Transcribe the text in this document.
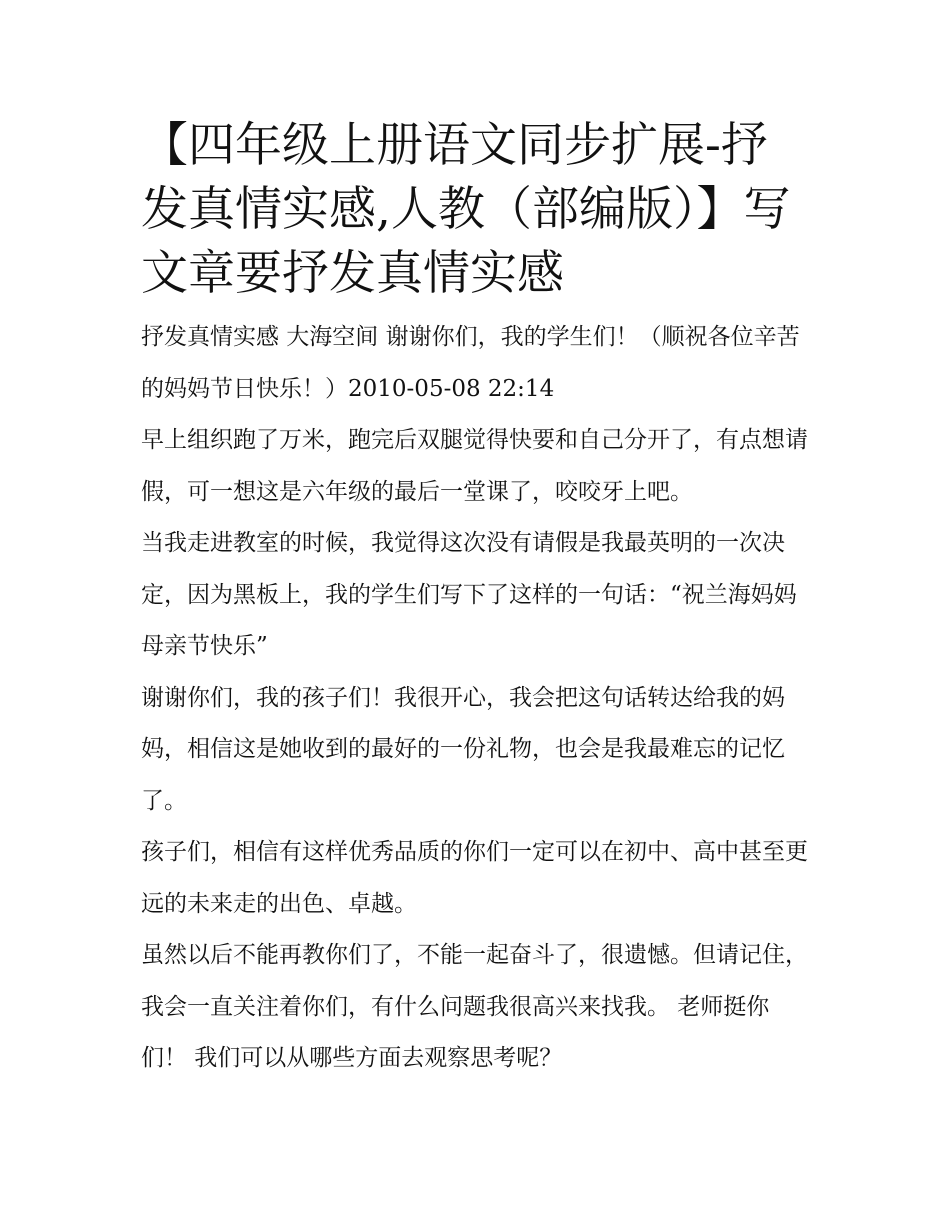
【四年级上册语文同步扩展-抒发真情实感,人教（部编版）】写文章要抒发真情实感

抒发真情实感 大海空间 谢谢你们，我的学生们！（顺祝各位辛苦的妈妈节日快乐！）2010-05-08 22:14

早上组织跑了万米，跑完后双腿觉得快要和自己分开了，有点想请假，可一想这是六年级的最后一堂课了，咬咬牙上吧。

当我走进教室的时候，我觉得这次没有请假是我最英明的一次决定，因为黑板上，我的学生们写下了这样的一句话：“祝兰海妈妈母亲节快乐”

谢谢你们，我的孩子们！我很开心，我会把这句话转达给我的妈妈，相信这是她收到的最好的一份礼物，也会是我最难忘的记忆了。

孩子们，相信有这样优秀品质的你们一定可以在初中、高中甚至更远的未来走的出色、卓越。

虽然以后不能再教你们了，不能一起奋斗了，很遗憾。但请记住，我会一直关注着你们，有什么问题我很高兴来找我。 老师挺你们！ 我们可以从哪些方面去观察思考呢？
